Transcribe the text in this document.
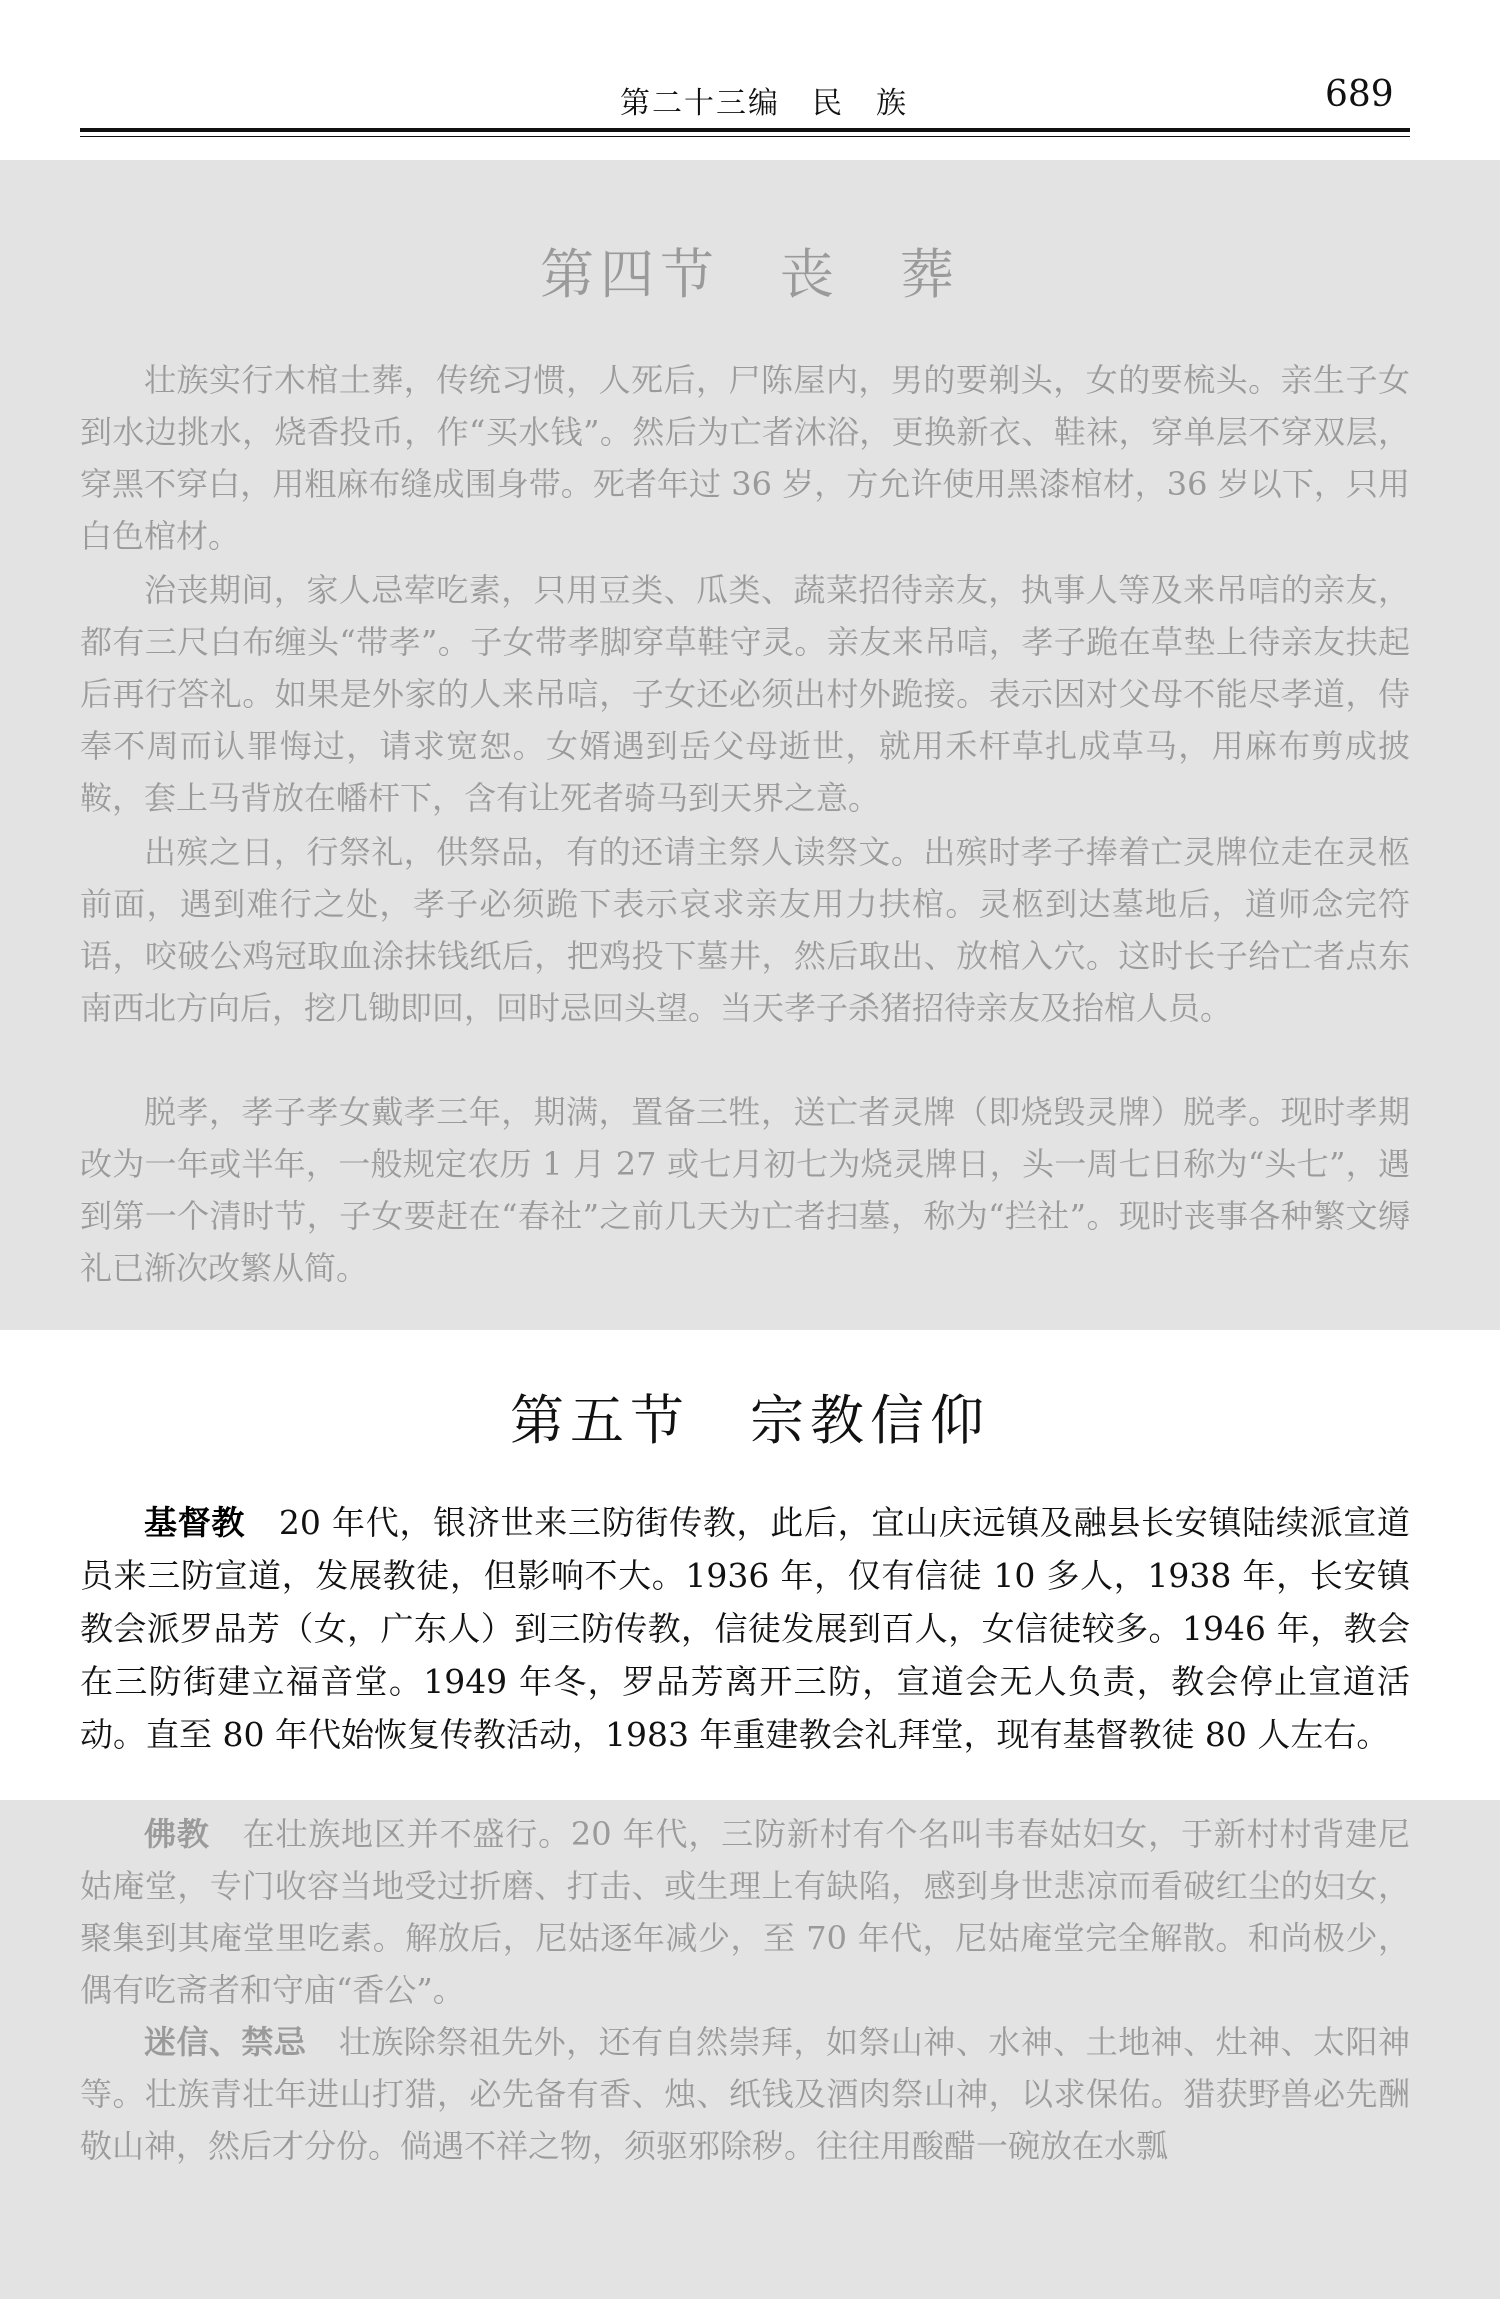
第二十三编　民　族	689
第四节　丧　葬

壮族实行木棺土葬，传统习惯，人死后，尸陈屋内，男的要剃头，女的要梳头。亲生子女到水边挑水，烧香投币，作“买水钱”。然后为亡者沐浴，更换新衣、鞋袜，穿单层不穿双层，穿黑不穿白，用粗麻布缝成围身带。死者年过 36 岁，方允许使用黑漆棺材，36 岁以下，只用白色棺材。

治丧期间，家人忌荤吃素，只用豆类、瓜类、蔬菜招待亲友，执事人等及来吊唁的亲友，都有三尺白布缠头“带孝”。子女带孝脚穿草鞋守灵。亲友来吊唁，孝子跪在草垫上待亲友扶起后再行答礼。如果是外家的人来吊唁，子女还必须出村外跪接。表示因对父母不能尽孝道，侍奉不周而认罪悔过，请求宽恕。女婿遇到岳父母逝世，就用禾杆草扎成草马，用麻布剪成披鞍，套上马背放在幡杆下，含有让死者骑马到天界之意。

出殡之日，行祭礼，供祭品，有的还请主祭人读祭文。出殡时孝子捧着亡灵牌位走在灵柩前面，遇到难行之处，孝子必须跪下表示哀求亲友用力扶棺。灵柩到达墓地后，道师念完符语，咬破公鸡冠取血涂抹钱纸后，把鸡投下墓井，然后取出、放棺入穴。这时长子给亡者点东南西北方向后，挖几锄即回，回时忌回头望。当天孝子杀猪招待亲友及抬棺人员。

脱孝，孝子孝女戴孝三年，期满，置备三牲，送亡者灵牌（即烧毁灵牌）脱孝。现时孝期改为一年或半年，一般规定农历 1 月 27 或七月初七为烧灵牌日，头一周七日称为“头七”，遇到第一个清时节，子女要赶在“春社”之前几天为亡者扫墓，称为“拦社”。现时丧事各种繁文缛礼已渐次改繁从简。

第五节　宗教信仰

基督教　20 年代，银济世来三防街传教，此后，宜山庆远镇及融县长安镇陆续派宣道员来三防宣道，发展教徒，但影响不大。1936 年，仅有信徒 10 多人，1938 年，长安镇教会派罗品芳（女，广东人）到三防传教，信徒发展到百人，女信徒较多。1946 年，教会在三防街建立福音堂。1949 年冬，罗品芳离开三防，宣道会无人负责，教会停止宣道活动。直至 80 年代始恢复传教活动，1983 年重建教会礼拜堂，现有基督教徒 80 人左右。

佛教　在壮族地区并不盛行。20 年代，三防新村有个名叫韦春姑妇女，于新村村背建尼姑庵堂，专门收容当地受过折磨、打击、或生理上有缺陷，感到身世悲凉而看破红尘的妇女，聚集到其庵堂里吃素。解放后，尼姑逐年减少，至 70 年代，尼姑庵堂完全解散。和尚极少，偶有吃斋者和守庙“香公”。

迷信、禁忌　壮族除祭祖先外，还有自然崇拜，如祭山神、水神、土地神、灶神、太阳神等。壮族青壮年进山打猎，必先备有香、烛、纸钱及酒肉祭山神，以求保佑。猎获野兽必先酬敬山神，然后才分份。倘遇不祥之物，须驱邪除秽。往往用酸醋一碗放在水瓢
